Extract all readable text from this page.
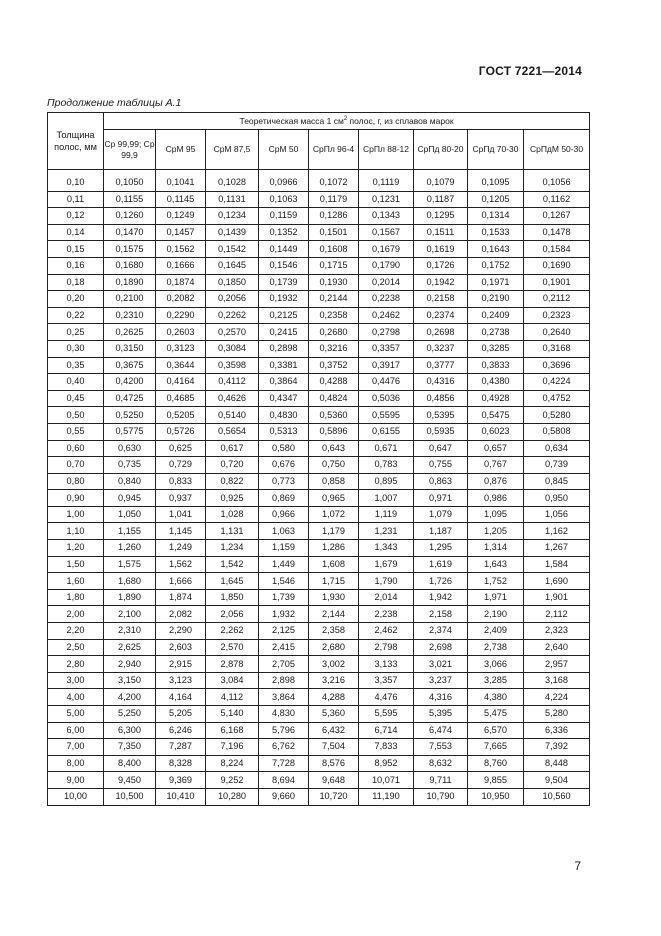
ГОСТ 7221—2014
Продолжение таблицы А.1
Толщина полос, мм	Теоретическая масса 1 $см^2$ полос, г, из сплавов марок								
	Ср 99,99; Ср 99,9	СрМ 95	СрМ 87,5	СрМ 50	СрПл 96-4	СрПл 88-12	СрПд 80-20	СрПд 70-30	СрПдМ 50-30
0,10	0,1050	0,1041	0,1028	0,0966	0,1072	0,1119	0,1079	0,1095	0,1056
0,11	0,1155	0,1145	0,1131	0,1063	0,1179	0,1231	0,1187	0,1205	0,1162
0,12	0,1260	0,1249	0,1234	0,1159	0,1286	0,1343	0,1295	0,1314	0,1267
0,14	0,1470	0,1457	0,1439	0,1352	0,1501	0,1567	0,1511	0,1533	0,1478
0,15	0,1575	0,1562	0,1542	0,1449	0,1608	0,1679	0,1619	0,1643	0,1584
0,16	0,1680	0,1666	0,1645	0,1546	0,1715	0,1790	0,1726	0,1752	0,1690
0,18	0,1890	0,1874	0,1850	0,1739	0,1930	0,2014	0,1942	0,1971	0,1901
0,20	0,2100	0,2082	0,2056	0,1932	0,2144	0,2238	0,2158	0,2190	0,2112
0,22	0,2310	0,2290	0,2262	0,2125	0,2358	0,2462	0,2374	0,2409	0,2323
0,25	0,2625	0,2603	0,2570	0,2415	0,2680	0,2798	0,2698	0,2738	0,2640
0,30	0,3150	0,3123	0,3084	0,2898	0,3216	0,3357	0,3237	0,3285	0,3168
0,35	0,3675	0,3644	0,3598	0,3381	0,3752	0,3917	0,3777	0,3833	0,3696
0,40	0,4200	0,4164	0,4112	0,3864	0,4288	0,4476	0,4316	0,4380	0,4224
0,45	0,4725	0,4685	0,4626	0,4347	0,4824	0,5036	0,4856	0,4928	0,4752
0,50	0,5250	0,5205	0,5140	0,4830	0,5360	0,5595	0,5395	0,5475	0,5280
0,55	0,5775	0,5726	0,5654	0,5313	0,5896	0,6155	0,5935	0,6023	0,5808
0,60	0,630	0,625	0,617	0,580	0,643	0,671	0,647	0,657	0,634
0,70	0,735	0,729	0,720	0,676	0,750	0,783	0,755	0,767	0,739
0,80	0,840	0,833	0,822	0,773	0,858	0,895	0,863	0,876	0,845
0,90	0,945	0,937	0,925	0,869	0,965	1,007	0,971	0,986	0,950
1,00	1,050	1,041	1,028	0,966	1,072	1,119	1,079	1,095	1,056
1,10	1,155	1,145	1,131	1,063	1,179	1,231	1,187	1,205	1,162
1,20	1,260	1,249	1,234	1,159	1,286	1,343	1,295	1,314	1,267
1,50	1,575	1,562	1,542	1,449	1,608	1,679	1,619	1,643	1,584
1,60	1,680	1,666	1,645	1,546	1,715	1,790	1,726	1,752	1,690
1,80	1,890	1,874	1,850	1,739	1,930	2,014	1,942	1,971	1,901
2,00	2,100	2,082	2,056	1,932	2,144	2,238	2,158	2,190	2,112
2,20	2,310	2,290	2,262	2,125	2,358	2,462	2,374	2,409	2,323
2,50	2,625	2,603	2,570	2,415	2,680	2,798	2,698	2,738	2,640
2,80	2,940	2,915	2,878	2,705	3,002	3,133	3,021	3,066	2,957
3,00	3,150	3,123	3,084	2,898	3,216	3,357	3,237	3,285	3,168
4,00	4,200	4,164	4,112	3,864	4,288	4,476	4,316	4,380	4,224
5,00	5,250	5,205	5,140	4,830	5,360	5,595	5,395	5,475	5,280
6,00	6,300	6,246	6,168	5,796	6,432	6,714	6,474	6,570	6,336
7,00	7,350	7,287	7,196	6,762	7,504	7,833	7,553	7,665	7,392
8,00	8,400	8,328	8,224	7,728	8,576	8,952	8,632	8,760	8,448
9,00	9,450	9,369	9,252	8,694	9,648	10,071	9,711	9,855	9,504
10,00	10,500	10,410	10,280	9,660	10,720	11,190	10,790	10,950	10,560
7
